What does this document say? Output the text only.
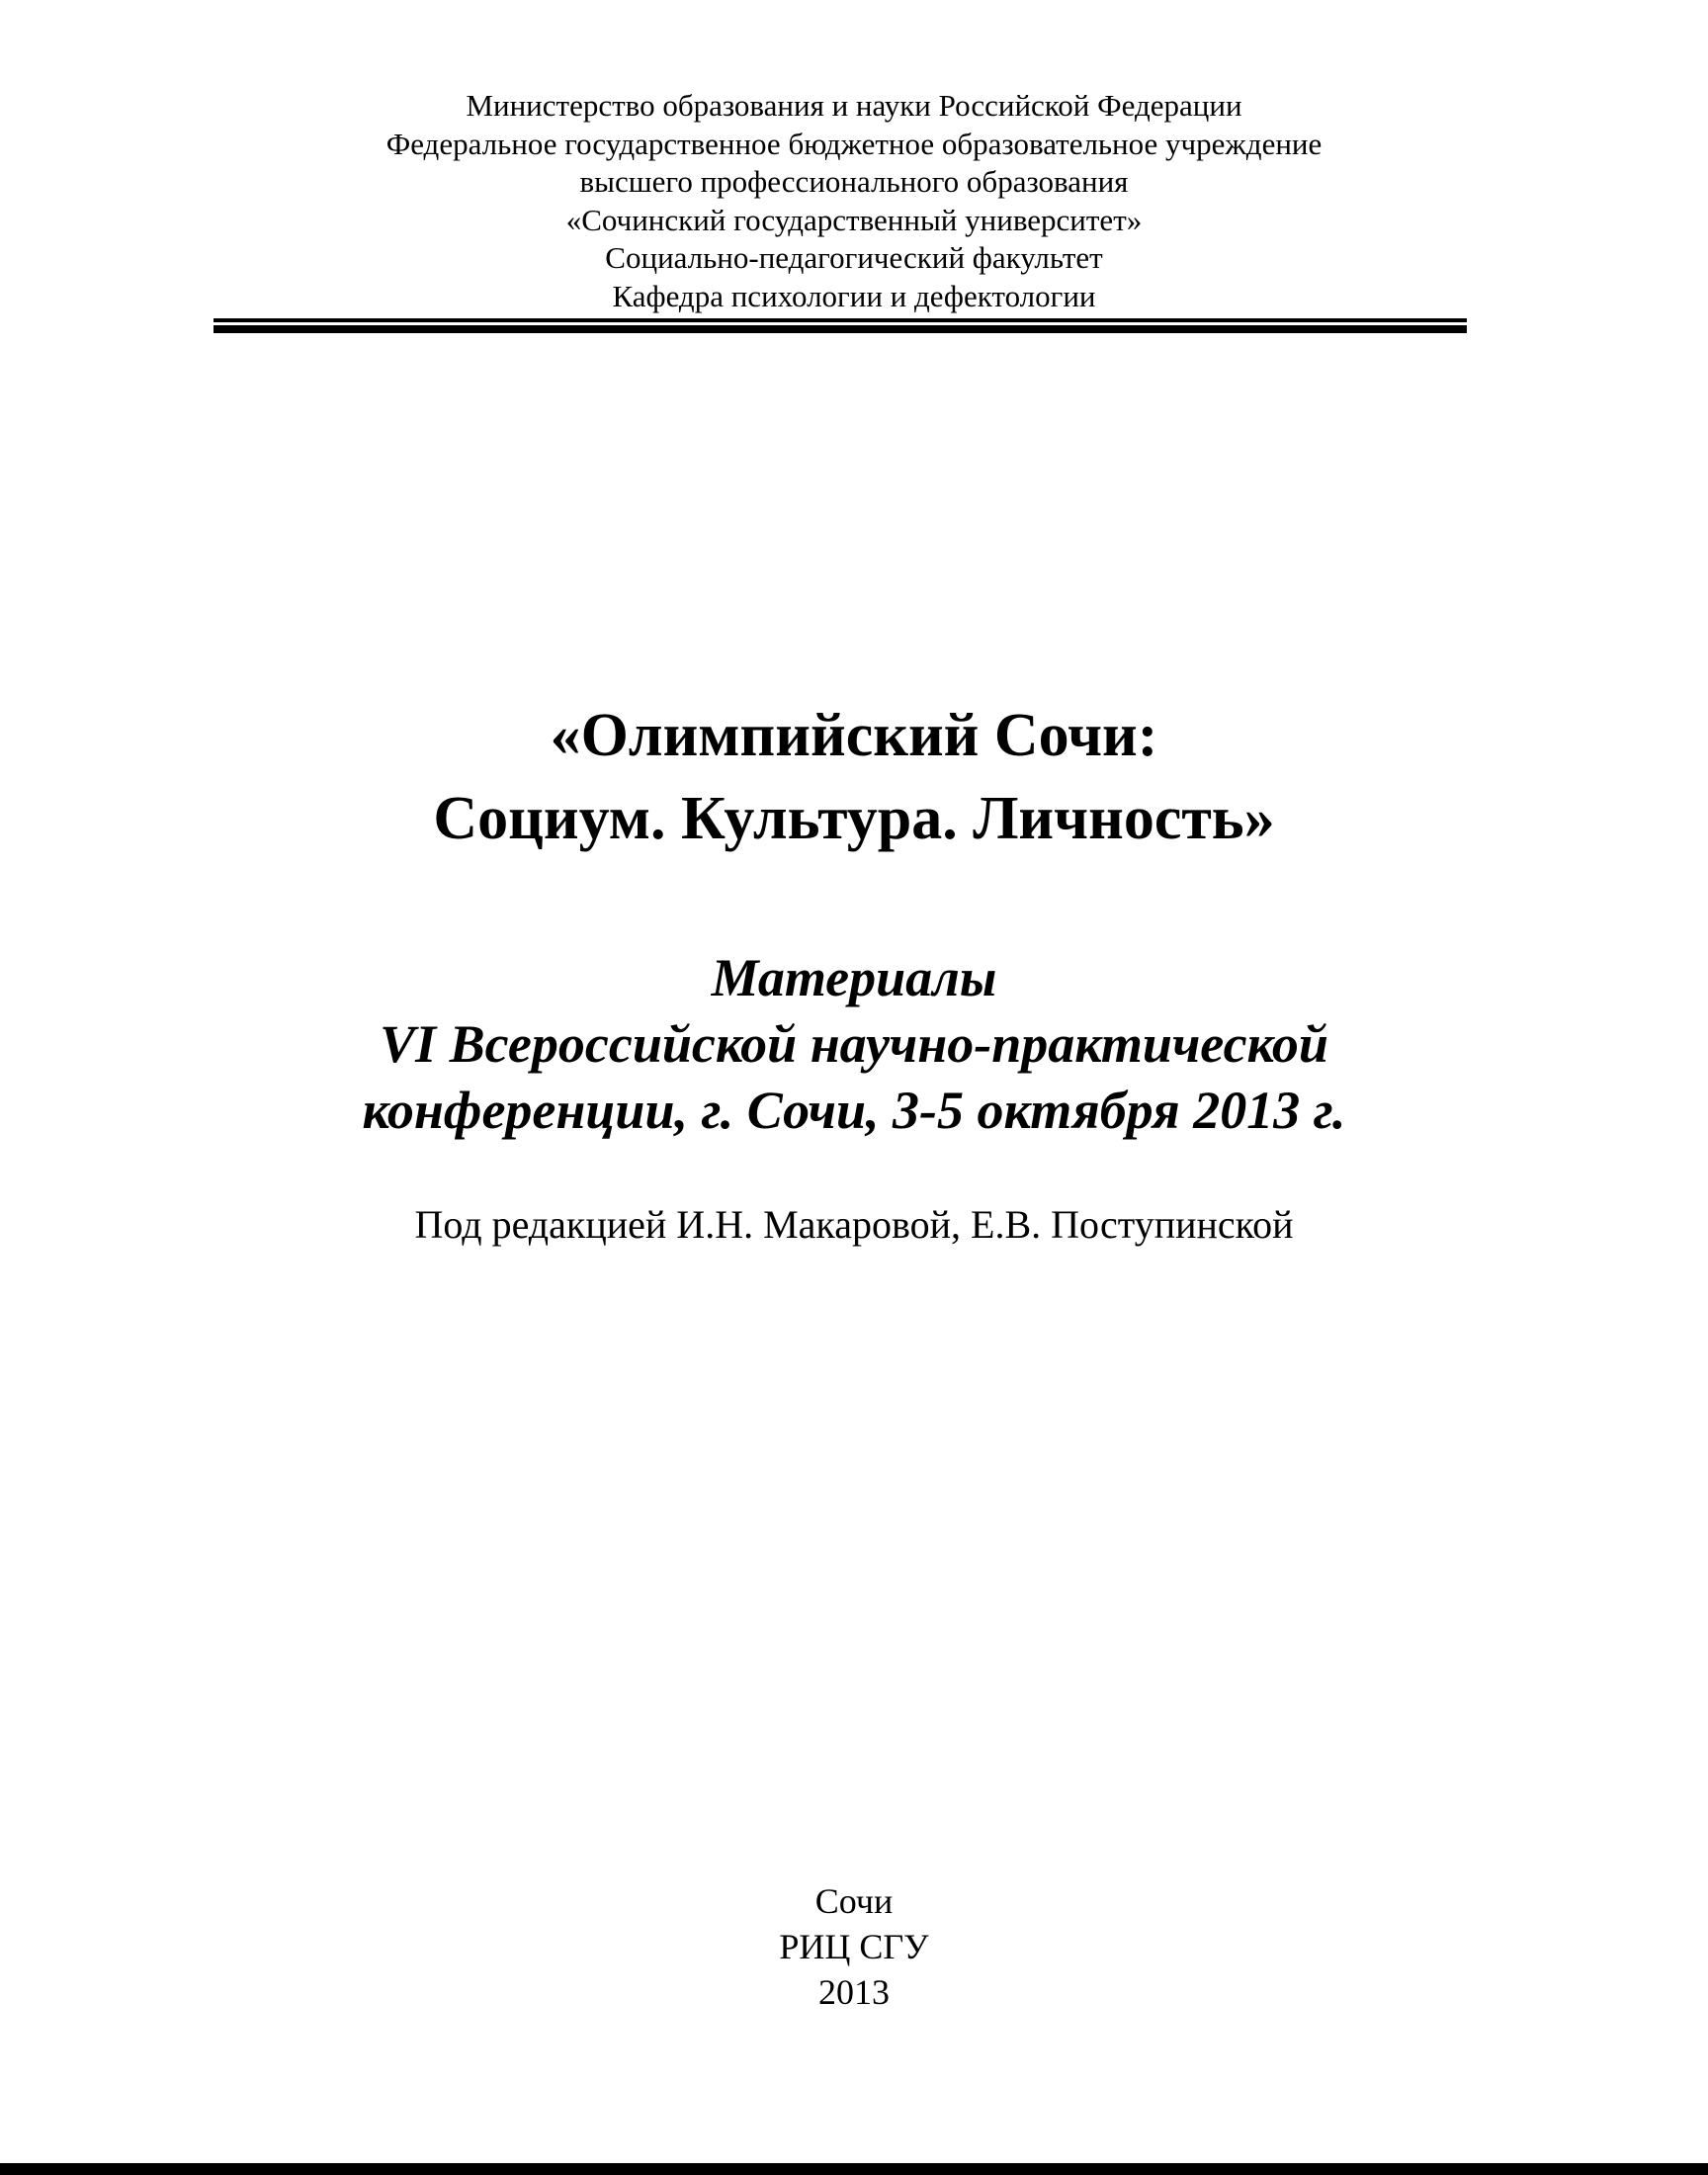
Министерство образования и науки Российской Федерации
Федеральное государственное бюджетное образовательное учреждение
высшего профессионального образования
«Сочинский государственный университет»
Социально-педагогический факультет
Кафедра психологии и дефектологии
«Олимпийский Сочи:
Социум. Культура. Личность»
Материалы
VI Всероссийской научно-практической
конференции, г. Сочи, 3-5 октября 2013 г.
Под редакцией И.Н. Макаровой, Е.В. Поступинской
Сочи
РИЦ СГУ
2013
